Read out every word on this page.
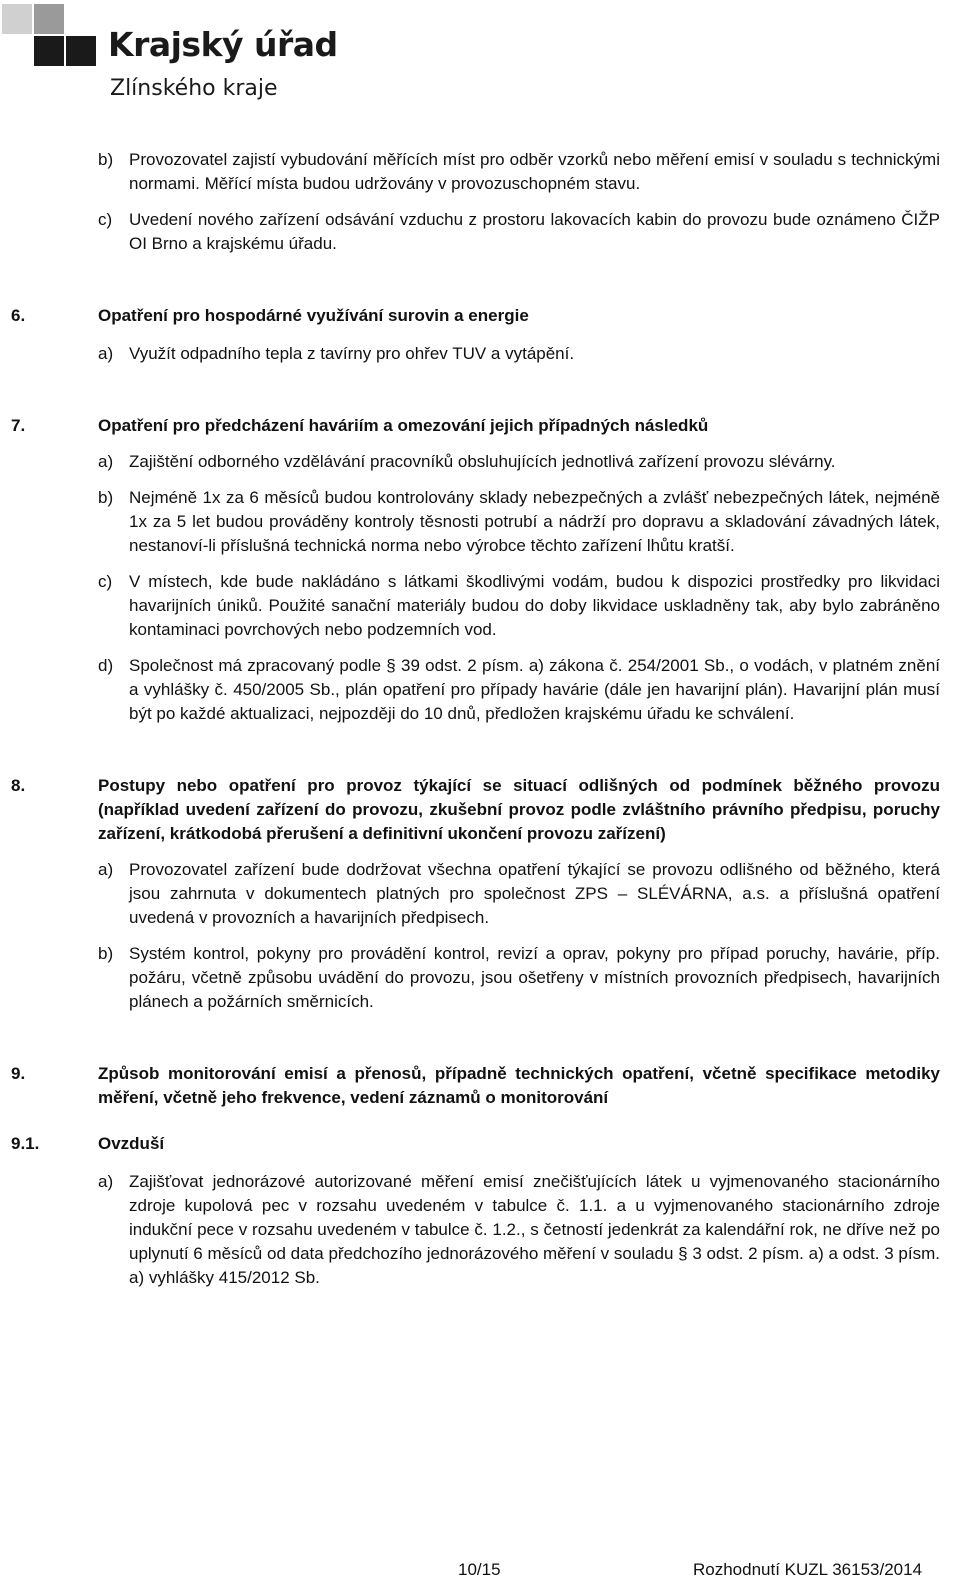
Krajský úřad
Zlínského kraje
b) Provozovatel zajistí vybudování měřících míst pro odběr vzorků nebo měření emisí v souladu s technickými normami. Měřící místa budou udržovány v provozuschopném stavu.
c) Uvedení nového zařízení odsávání vzduchu z prostoru lakovacích kabin do provozu bude oznámeno ČIŽP OI Brno a krajskému úřadu.
6.	Opatření pro hospodárné využívání surovin a energie
a) Využít odpadního tepla z tavírny pro ohřev TUV a vytápění.
7.	Opatření pro předcházení haváriím a omezování jejich případných následků
a) Zajištění odborného vzdělávání pracovníků obsluhujících jednotlivá zařízení provozu slévárny.
b) Nejméně 1x za 6 měsíců budou kontrolovány sklady nebezpečných a zvlášť nebezpečných látek, nejméně 1x za 5 let budou prováděny kontroly těsnosti potrubí a nádrží pro dopravu a skladování závadných látek, nestanoví-li příslušná technická norma nebo výrobce těchto zařízení lhůtu kratší.
c) V místech, kde bude nakládáno s látkami škodlivými vodám, budou k dispozici prostředky pro likvidaci havarijních úniků. Použité sanační materiály budou do doby likvidace uskladněny tak, aby bylo zabráněno kontaminaci povrchových nebo podzemních vod.
d) Společnost má zpracovaný podle § 39 odst. 2 písm. a) zákona č. 254/2001 Sb., o vodách, v platném znění a vyhlášky č. 450/2005 Sb., plán opatření pro případy havárie (dále jen havarijní plán). Havarijní plán musí být po každé aktualizaci, nejpozději do 10 dnů, předložen krajskému úřadu ke schválení.
8.	Postupy nebo opatření pro provoz týkající se situací odlišných od podmínek běžného provozu (například uvedení zařízení do provozu, zkušební provoz podle zvláštního právního předpisu, poruchy zařízení, krátkodobá přerušení a definitivní ukončení provozu zařízení)
a) Provozovatel zařízení bude dodržovat všechna opatření týkající se provozu odlišného od běžného, která jsou zahrnuta v dokumentech platných pro společnost ZPS – SLÉVÁRNA, a.s. a příslušná opatření uvedená v provozních a havarijních předpisech.
b) Systém kontrol, pokyny pro provádění kontrol, revizí a oprav, pokyny pro případ poruchy, havárie, příp. požáru, včetně způsobu uvádění do provozu, jsou ošetřeny v místních provozních předpisech, havarijních plánech a požárních směrnicích.
9.	Způsob monitorování emisí a přenosů, případně technických opatření, včetně specifikace metodiky měření, včetně jeho frekvence, vedení záznamů o monitorování
9.1.	Ovzduší
a) Zajišťovat jednorázové autorizované měření emisí znečišťujících látek u vyjmenovaného stacionárního zdroje kupolová pec v rozsahu uvedeném v tabulce č. 1.1. a u vyjmenovaného stacionárního zdroje indukční pece v rozsahu uvedeném v tabulce č. 1.2., s četností jedenkrát za kalendářní rok, ne dříve než po uplynutí 6 měsíců od data předchozího jednorázového měření v souladu § 3 odst. 2 písm. a) a odst. 3 písm. a) vyhlášky 415/2012 Sb.
10/15	Rozhodnutí KUZL 36153/2014
